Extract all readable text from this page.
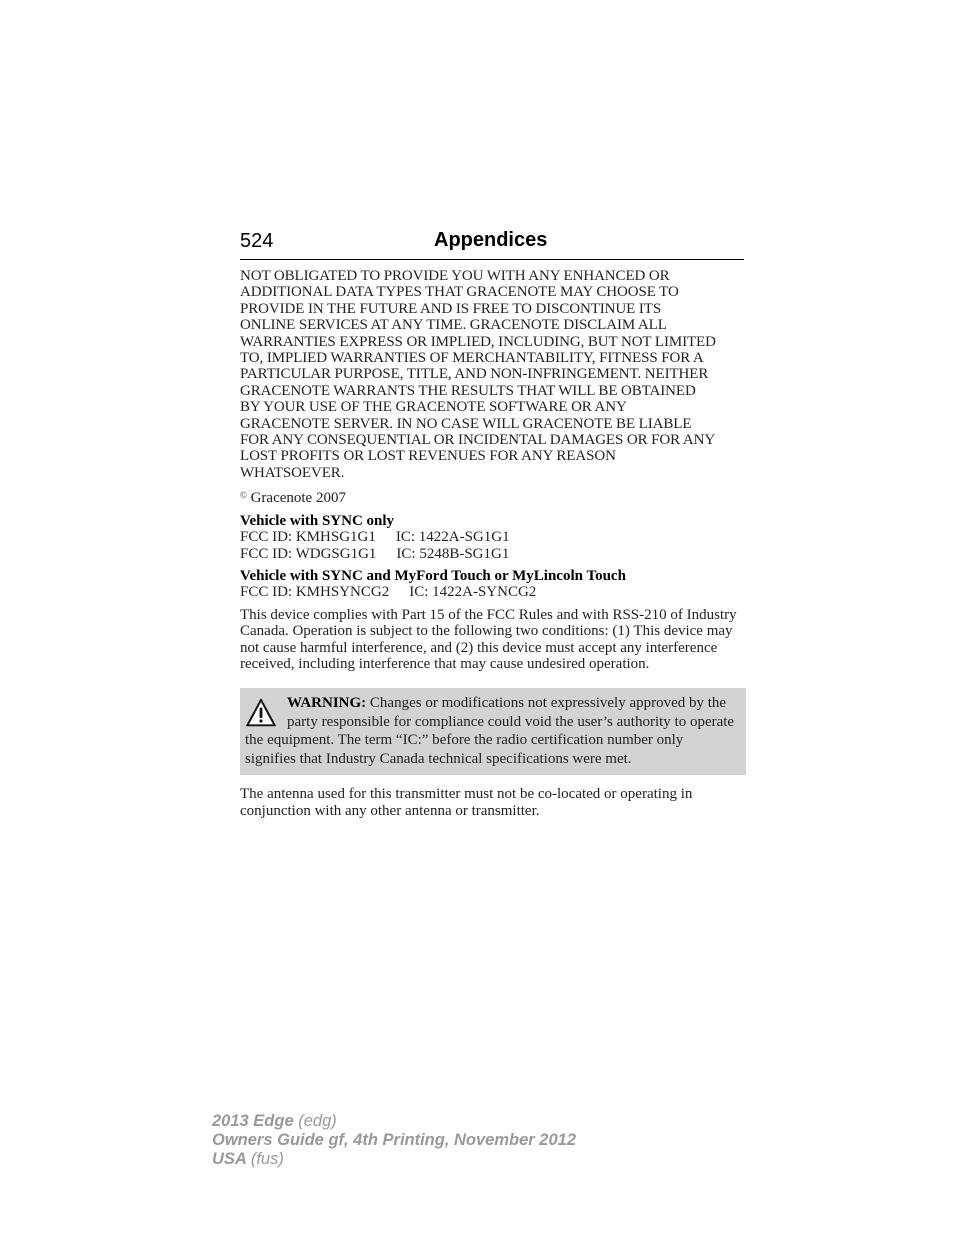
524	Appendices

NOT OBLIGATED TO PROVIDE YOU WITH ANY ENHANCED OR
ADDITIONAL DATA TYPES THAT GRACENOTE MAY CHOOSE TO
PROVIDE IN THE FUTURE AND IS FREE TO DISCONTINUE ITS
ONLINE SERVICES AT ANY TIME. GRACENOTE DISCLAIM ALL
WARRANTIES EXPRESS OR IMPLIED, INCLUDING, BUT NOT LIMITED
TO, IMPLIED WARRANTIES OF MERCHANTABILITY, FITNESS FOR A
PARTICULAR PURPOSE, TITLE, AND NON-INFRINGEMENT. NEITHER
GRACENOTE WARRANTS THE RESULTS THAT WILL BE OBTAINED
BY YOUR USE OF THE GRACENOTE SOFTWARE OR ANY
GRACENOTE SERVER. IN NO CASE WILL GRACENOTE BE LIABLE
FOR ANY CONSEQUENTIAL OR INCIDENTAL DAMAGES OR FOR ANY
LOST PROFITS OR LOST REVENUES FOR ANY REASON
WHATSOEVER.

© Gracenote 2007

Vehicle with SYNC only

FCC ID: KMHSG1G1 IC: 1422A-SG1G1

FCC ID: WDGSG1G1 IC: 5248B-SG1G1

Vehicle with SYNC and MyFord Touch or MyLincoln Touch

FCC ID: KMHSYNCG2 IC: 1422A-SYNCG2

This device complies with Part 15 of the FCC Rules and with RSS-210 of Industry Canada. Operation is subject to the following two conditions: (1) This device may not cause harmful interference, and (2) this device must accept any interference received, including interference that may cause undesired operation.

WARNING: Changes or modifications not expressively approved by the party responsible for compliance could void the user’s authority to operate the equipment. The term “IC:” before the radio certification number only signifies that Industry Canada technical specifications were met.

The antenna used for this transmitter must not be co-located or operating in conjunction with any other antenna or transmitter.

2013 Edge (edg)
Owners Guide gf, 4th Printing, November 2012
USA (fus)
